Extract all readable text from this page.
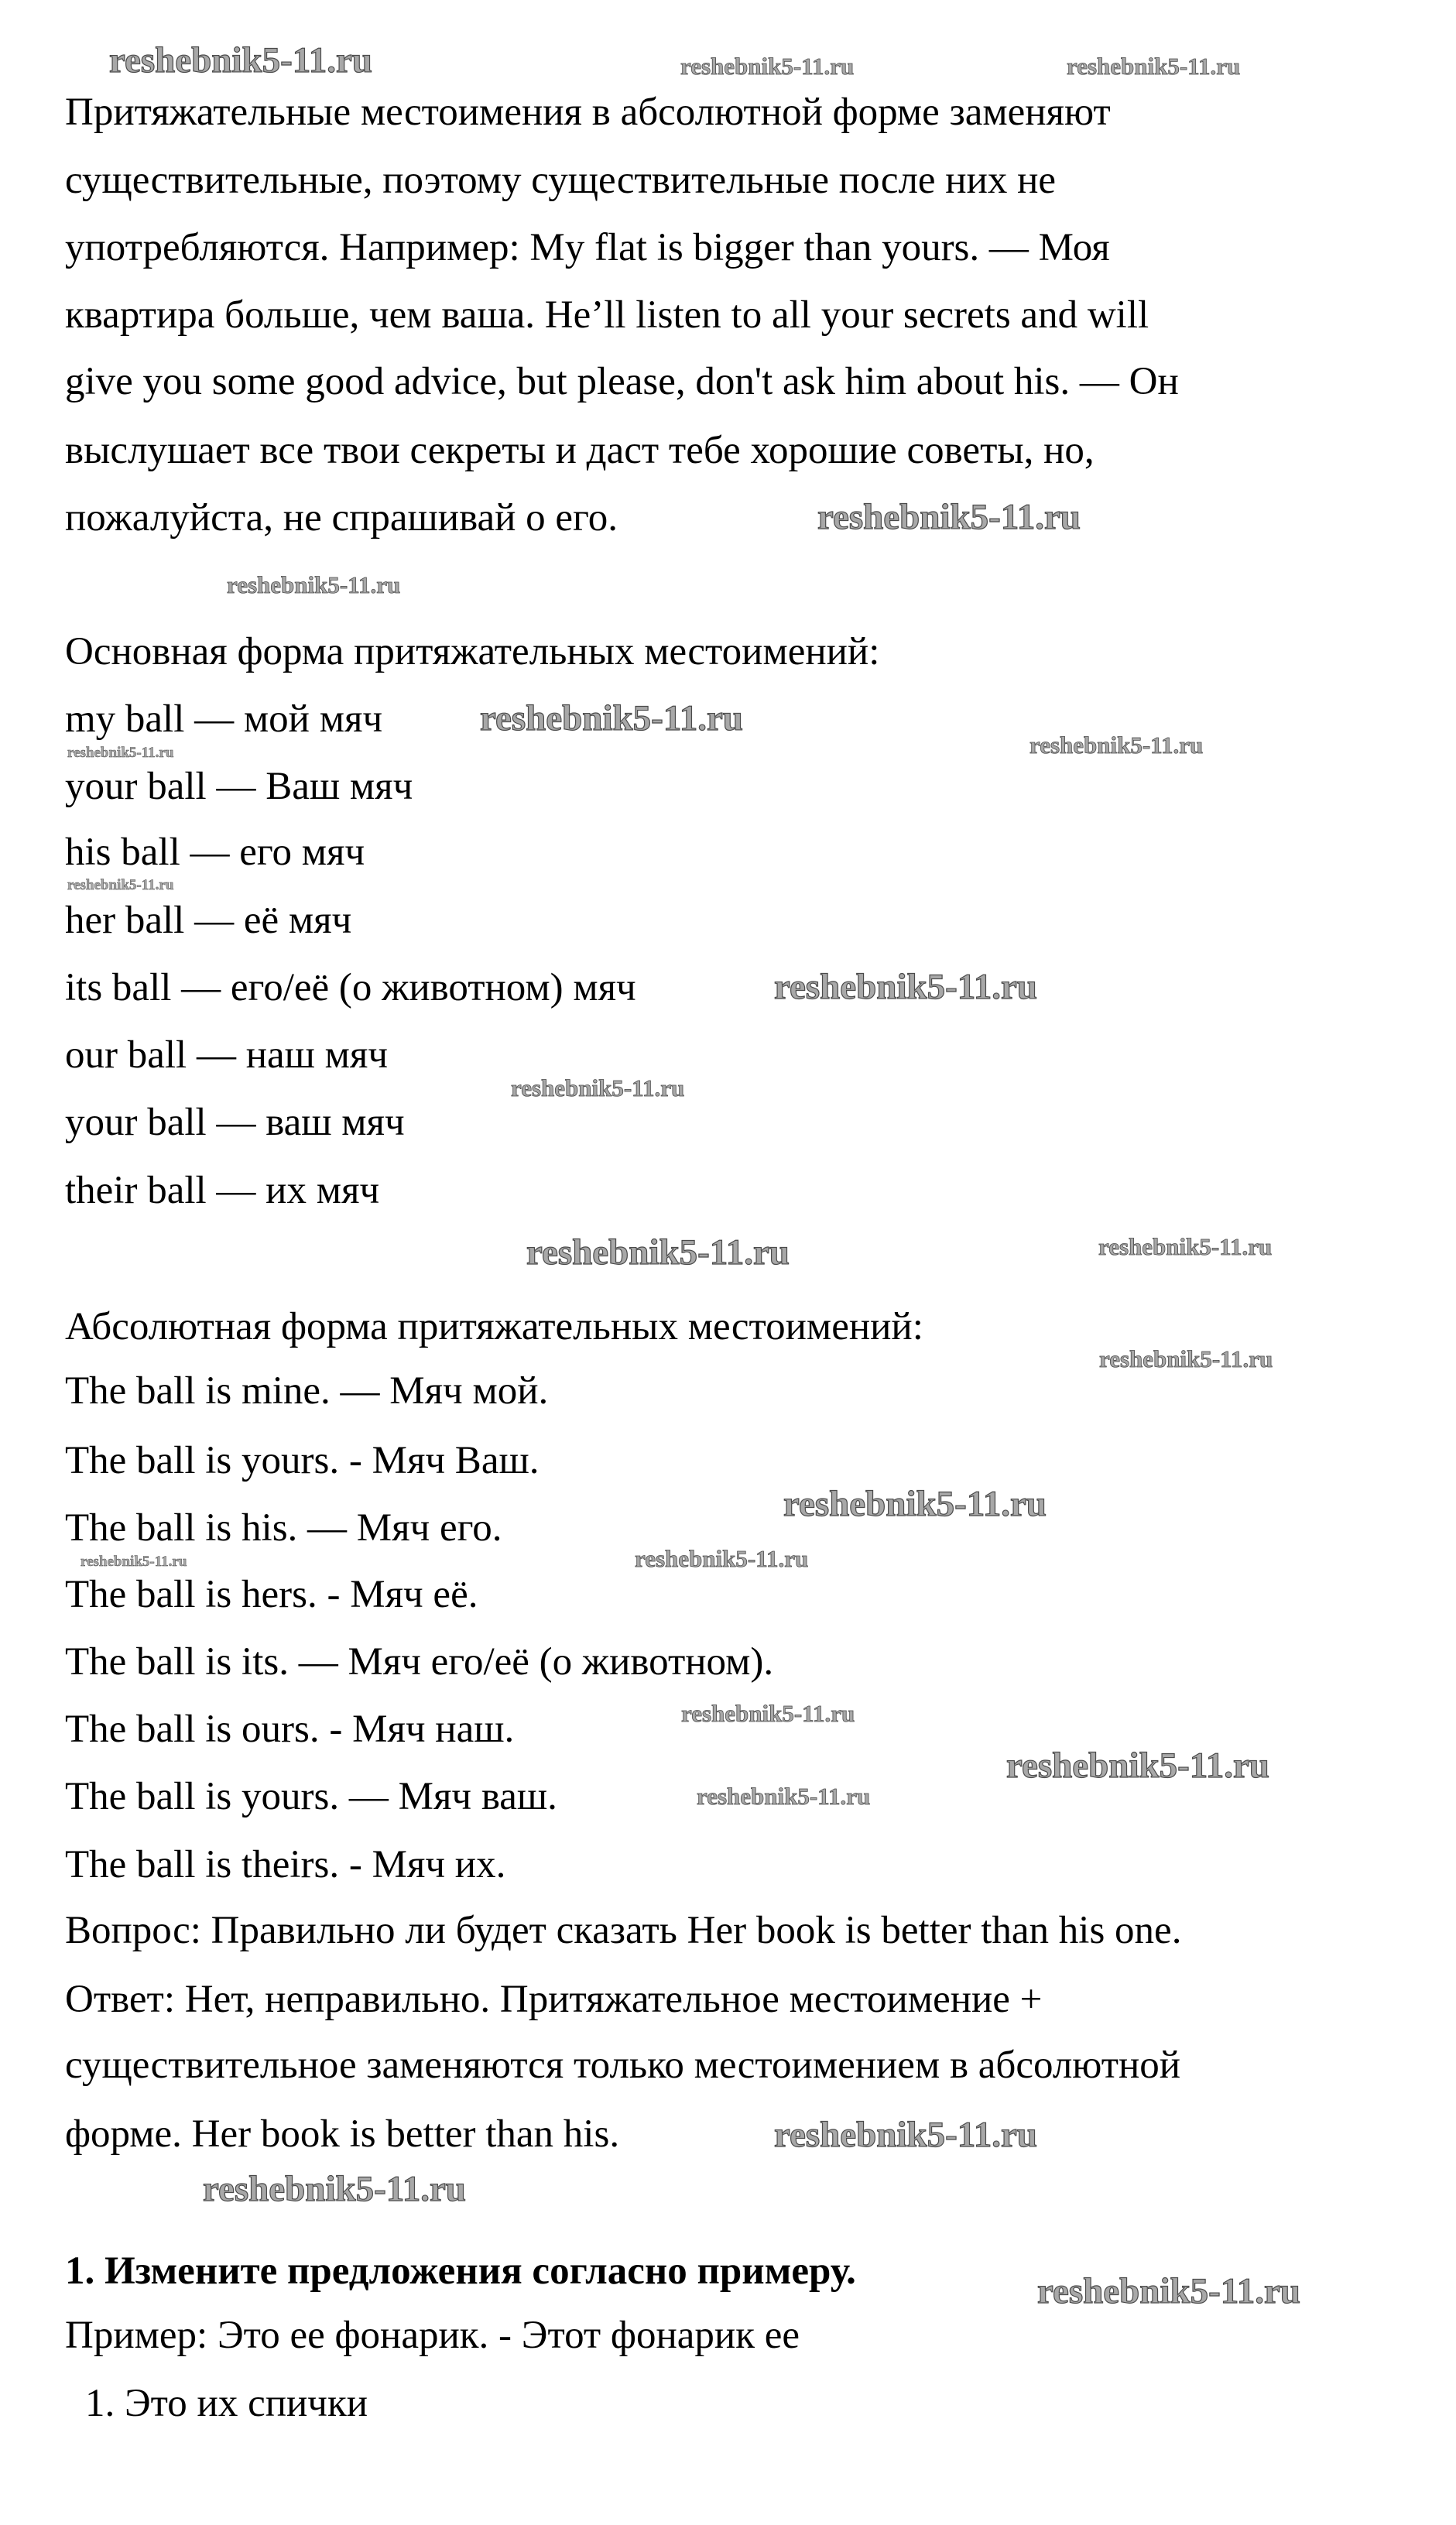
Притяжательные местоимения в абсолютной форме заменяют
существительные, поэтому существительные после них не
употребляются. Например: My flat is bigger than yours. — Моя
квартира больше, чем ваша. He’ll listen to all your secrets and will
give you some good advice, but please, don't ask him about his. — Он
выслушает все твои секреты и даст тебе хорошие советы, но,
пожалуйста, не спрашивай о его.
Основная форма притяжательных местоимений:
my ball — мой мяч
your ball — Ваш мяч
his ball — его мяч
her ball — её мяч
its ball — его/её (о животном) мяч
our ball — наш мяч
your ball — ваш мяч
their ball — их мяч
Абсолютная форма притяжательных местоимений:
The ball is mine. — Мяч мой.
The ball is yours. - Мяч Ваш.
The ball is his. — Мяч его.
The ball is hers. - Мяч её.
The ball is its. — Мяч его/её (о животном).
The ball is ours. - Мяч наш.
The ball is yours. — Мяч ваш.
The ball is theirs. - Мяч их.
Вопрос: Правильно ли будет сказать Her book is better than his one.
Ответ: Нет, неправильно. Притяжательное местоимение +
существительное заменяются только местоимением в абсолютной
форме. Her book is better than his.
1. Измените предложения согласно примеру.
Пример: Это ее фонарик. - Этот фонарик ее
1. Это их спички
reshebnik5-11.ru	reshebnik5-11.ru	reshebnik5-11.ru
reshebnik5-11.ru
reshebnik5-11.ru
reshebnik5-11.ru
reshebnik5-11.ru
reshebnik5-11.ru
reshebnik5-11.ru
reshebnik5-11.ru
reshebnik5-11.ru
reshebnik5-11.ru	reshebnik5-11.ru
reshebnik5-11.ru
reshebnik5-11.ru
reshebnik5-11.ru	reshebnik5-11.ru
reshebnik5-11.ru
reshebnik5-11.ru
reshebnik5-11.ru
reshebnik5-11.ru
reshebnik5-11.ru
reshebnik5-11.ru
